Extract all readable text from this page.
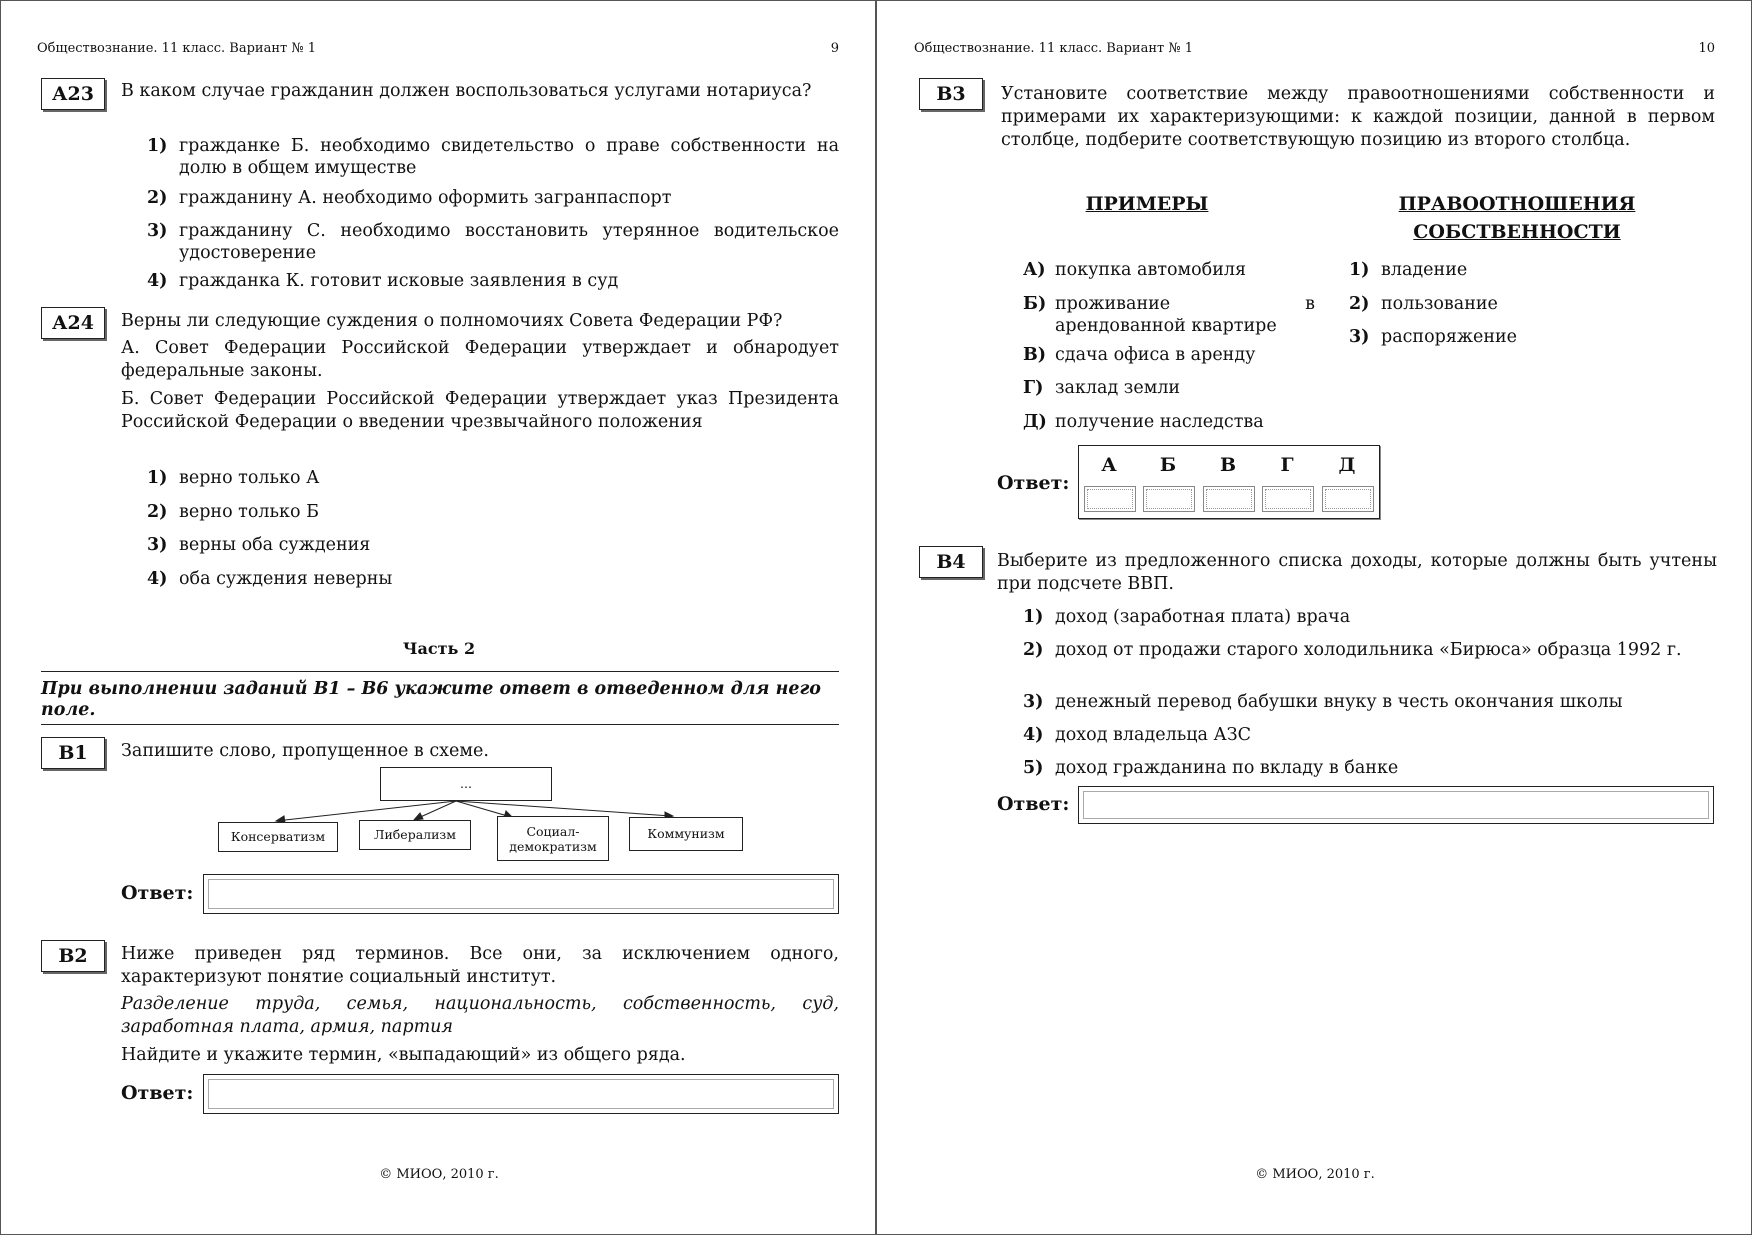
Обществознание. 11 класс. Вариант № 1	9
А23	В каком случае гражданин должен воспользоваться услугами нотариуса?
1) гражданке Б. необходимо свидетельство о праве собственности на долю в общем имуществе
2) гражданину А. необходимо оформить загранпаспорт
3) гражданину С. необходимо восстановить утерянное водительское удостоверение
4) гражданка К. готовит исковые заявления в суд
А24	Верны ли следующие суждения о полномочиях Совета Федерации РФ?
А. Совет Федерации Российской Федерации утверждает и обнародует федеральные законы.
Б. Совет Федерации Российской Федерации утверждает указ Президента Российской Федерации о введении чрезвычайного положения
1) верно только А
2) верно только Б
3) верны оба суждения
4) оба суждения неверны
Часть 2
При выполнении заданий В1 – В6 укажите ответ в отведенном для него поле.
В1	Запишите слово, пропущенное в схеме.
...
Консерватизм	Либерализм	Социал-демократизм
Коммунизм
Ответ:
В2	Ниже приведен ряд терминов. Все они, за исключением одного, характеризуют понятие социальный институт.
Разделение труда, семья, национальность, собственность, суд, заработная плата, армия, партия
Найдите и укажите термин, «выпадающий» из общего ряда.
Ответ:
© МИОО, 2010 г.
Обществознание. 11 класс. Вариант № 1	10
В3	Установите соответствие между правоотношениями собственности и примерами их характеризующими: к каждой позиции, данной в первом столбце, подберите соответствующую позицию из второго столбца.
ПРИМЕРЫ	ПРАВООТНОШЕНИЯ СОБСТВЕННОСТИ
А) покупка автомобиля
Б) проживание в арендованной квартире
В) сдача офиса в аренду
Г) заклад земли
Д) получение наследства
1) владение
2) пользование
3) распоряжение
Ответ:
А	Б	В	Г	Д
В4	Выберите из предложенного списка доходы, которые должны быть учтены при подсчете ВВП.
1) доход (заработная плата) врача
2) доход от продажи старого холодильника «Бирюса» образца 1992 г.
3) денежный перевод бабушки внуку в честь окончания школы
4) доход владельца АЗС
5) доход гражданина по вкладу в банке
Ответ:
© МИОО, 2010 г.
